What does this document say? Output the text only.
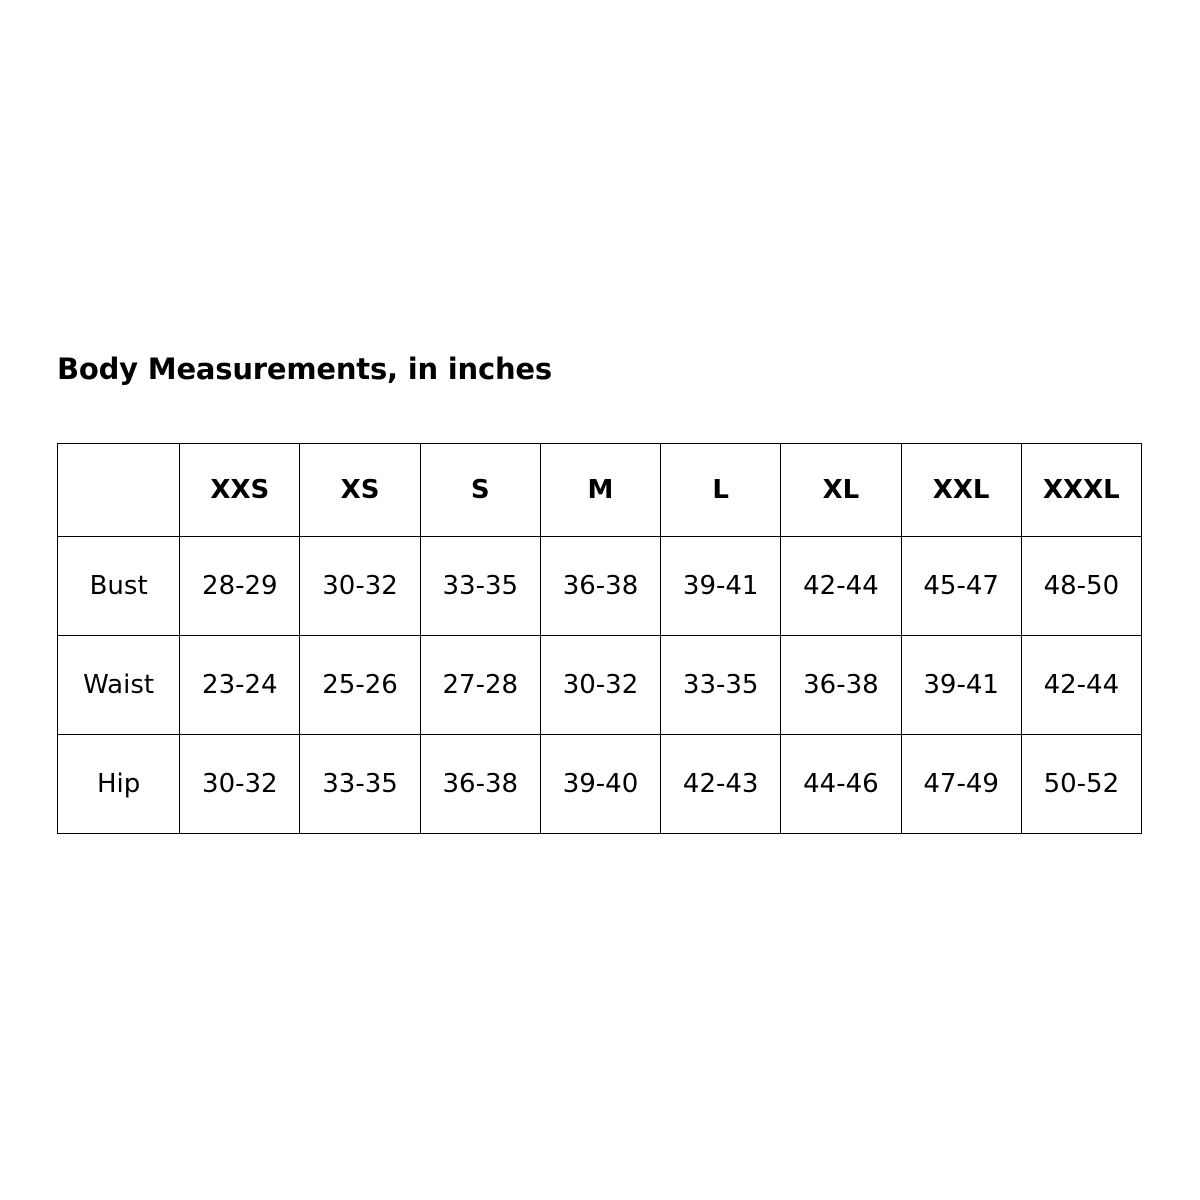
Body Measurements, in inches
	XXS	XS	S	M	L	XL	XXL	XXXL
Bust	28-29	30-32	33-35	36-38	39-41	42-44	45-47	48-50
Waist	23-24	25-26	27-28	30-32	33-35	36-38	39-41	42-44
Hip	30-32	33-35	36-38	39-40	42-43	44-46	47-49	50-52
